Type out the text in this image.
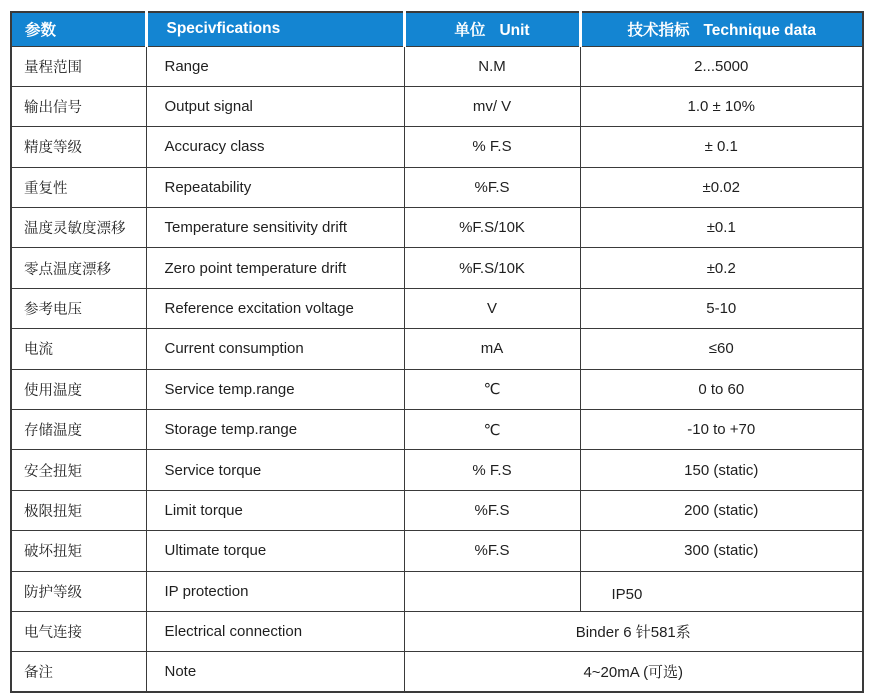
参数	Specivfications	单位 Unit	技术指标 Technique data
量程范围	Range	N.M	2...5000
输出信号	Output signal	mv/ V	1.0 ± 10%
精度等级	Accuracy class	% F.S	± 0.1
重复性	Repeatability	%F.S	±0.02
温度灵敏度漂移	Temperature sensitivity drift	%F.S/10K	±0.1
零点温度漂移	Zero point temperature drift	%F.S/10K	±0.2
参考电压	Reference excitation voltage	V	5-10
电流	Current consumption	mA	≤60
使用温度	Service temp.range	℃	0 to 60
存储温度	Storage temp.range	℃	-10 to +70
安全扭矩	Service torque	% F.S	150 (static)
极限扭矩	Limit torque	%F.S	200 (static)
破坏扭矩	Ultimate torque	%F.S	300 (static)
防护等级	IP protection		IP50
电气连接	Electrical connection	Binder 6 针581系	
备注	Note	4~20mA (可选)	
